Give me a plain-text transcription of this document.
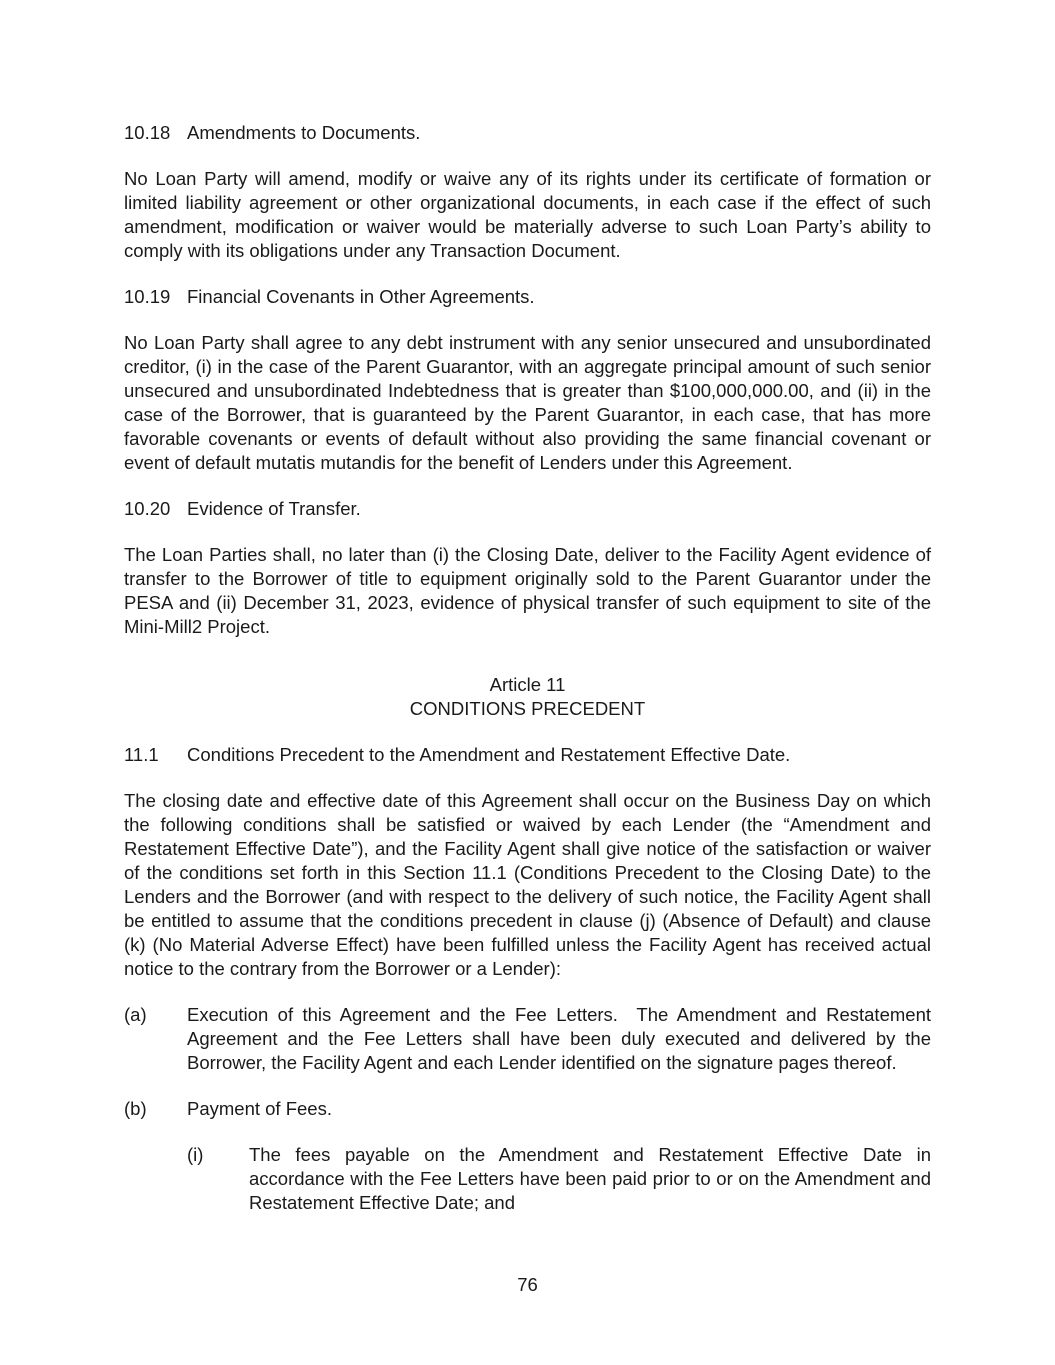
10.18 Amendments to Documents.

No Loan Party will amend, modify or waive any of its rights under its certificate of formation or limited liability agreement or other organizational documents, in each case if the effect of such amendment, modification or waiver would be materially adverse to such Loan Party’s ability to comply with its obligations under any Transaction Document.

10.19 Financial Covenants in Other Agreements.

No Loan Party shall agree to any debt instrument with any senior unsecured and unsubordinated creditor, (i) in the case of the Parent Guarantor, with an aggregate principal amount of such senior unsecured and unsubordinated Indebtedness that is greater than $100,000,000.00, and (ii) in the case of the Borrower, that is guaranteed by the Parent Guarantor, in each case, that has more favorable covenants or events of default without also providing the same financial covenant or event of default mutatis mutandis for the benefit of Lenders under this Agreement.

10.20 Evidence of Transfer.

The Loan Parties shall, no later than (i) the Closing Date, deliver to the Facility Agent evidence of transfer to the Borrower of title to equipment originally sold to the Parent Guarantor under the PESA and (ii) December 31, 2023, evidence of physical transfer of such equipment to site of the Mini-Mill2 Project.

Article 11

CONDITIONS PRECEDENT

11.1	Conditions Precedent to the Amendment and Restatement Effective Date.

The closing date and effective date of this Agreement shall occur on the Business Day on which the following conditions shall be satisfied or waived by each Lender (the “Amendment and Restatement Effective Date”), and the Facility Agent shall give notice of the satisfaction or waiver of the conditions set forth in this Section 11.1 (Conditions Precedent to the Closing Date) to the Lenders and the Borrower (and with respect to the delivery of such notice, the Facility Agent shall be entitled to assume that the conditions precedent in clause (j) (Absence of Default) and clause (k) (No Material Adverse Effect) have been fulfilled unless the Facility Agent has received actual notice to the contrary from the Borrower or a Lender):

(a)	Execution of this Agreement and the Fee Letters. The Amendment and Restatement Agreement and the Fee Letters shall have been duly executed and delivered by the Borrower, the Facility Agent and each Lender identified on the signature pages thereof.
(b)	Payment of Fees.
(i)	The fees payable on the Amendment and Restatement Effective Date in accordance with the Fee Letters have been paid prior to or on the Amendment and Restatement Effective Date; and
76
